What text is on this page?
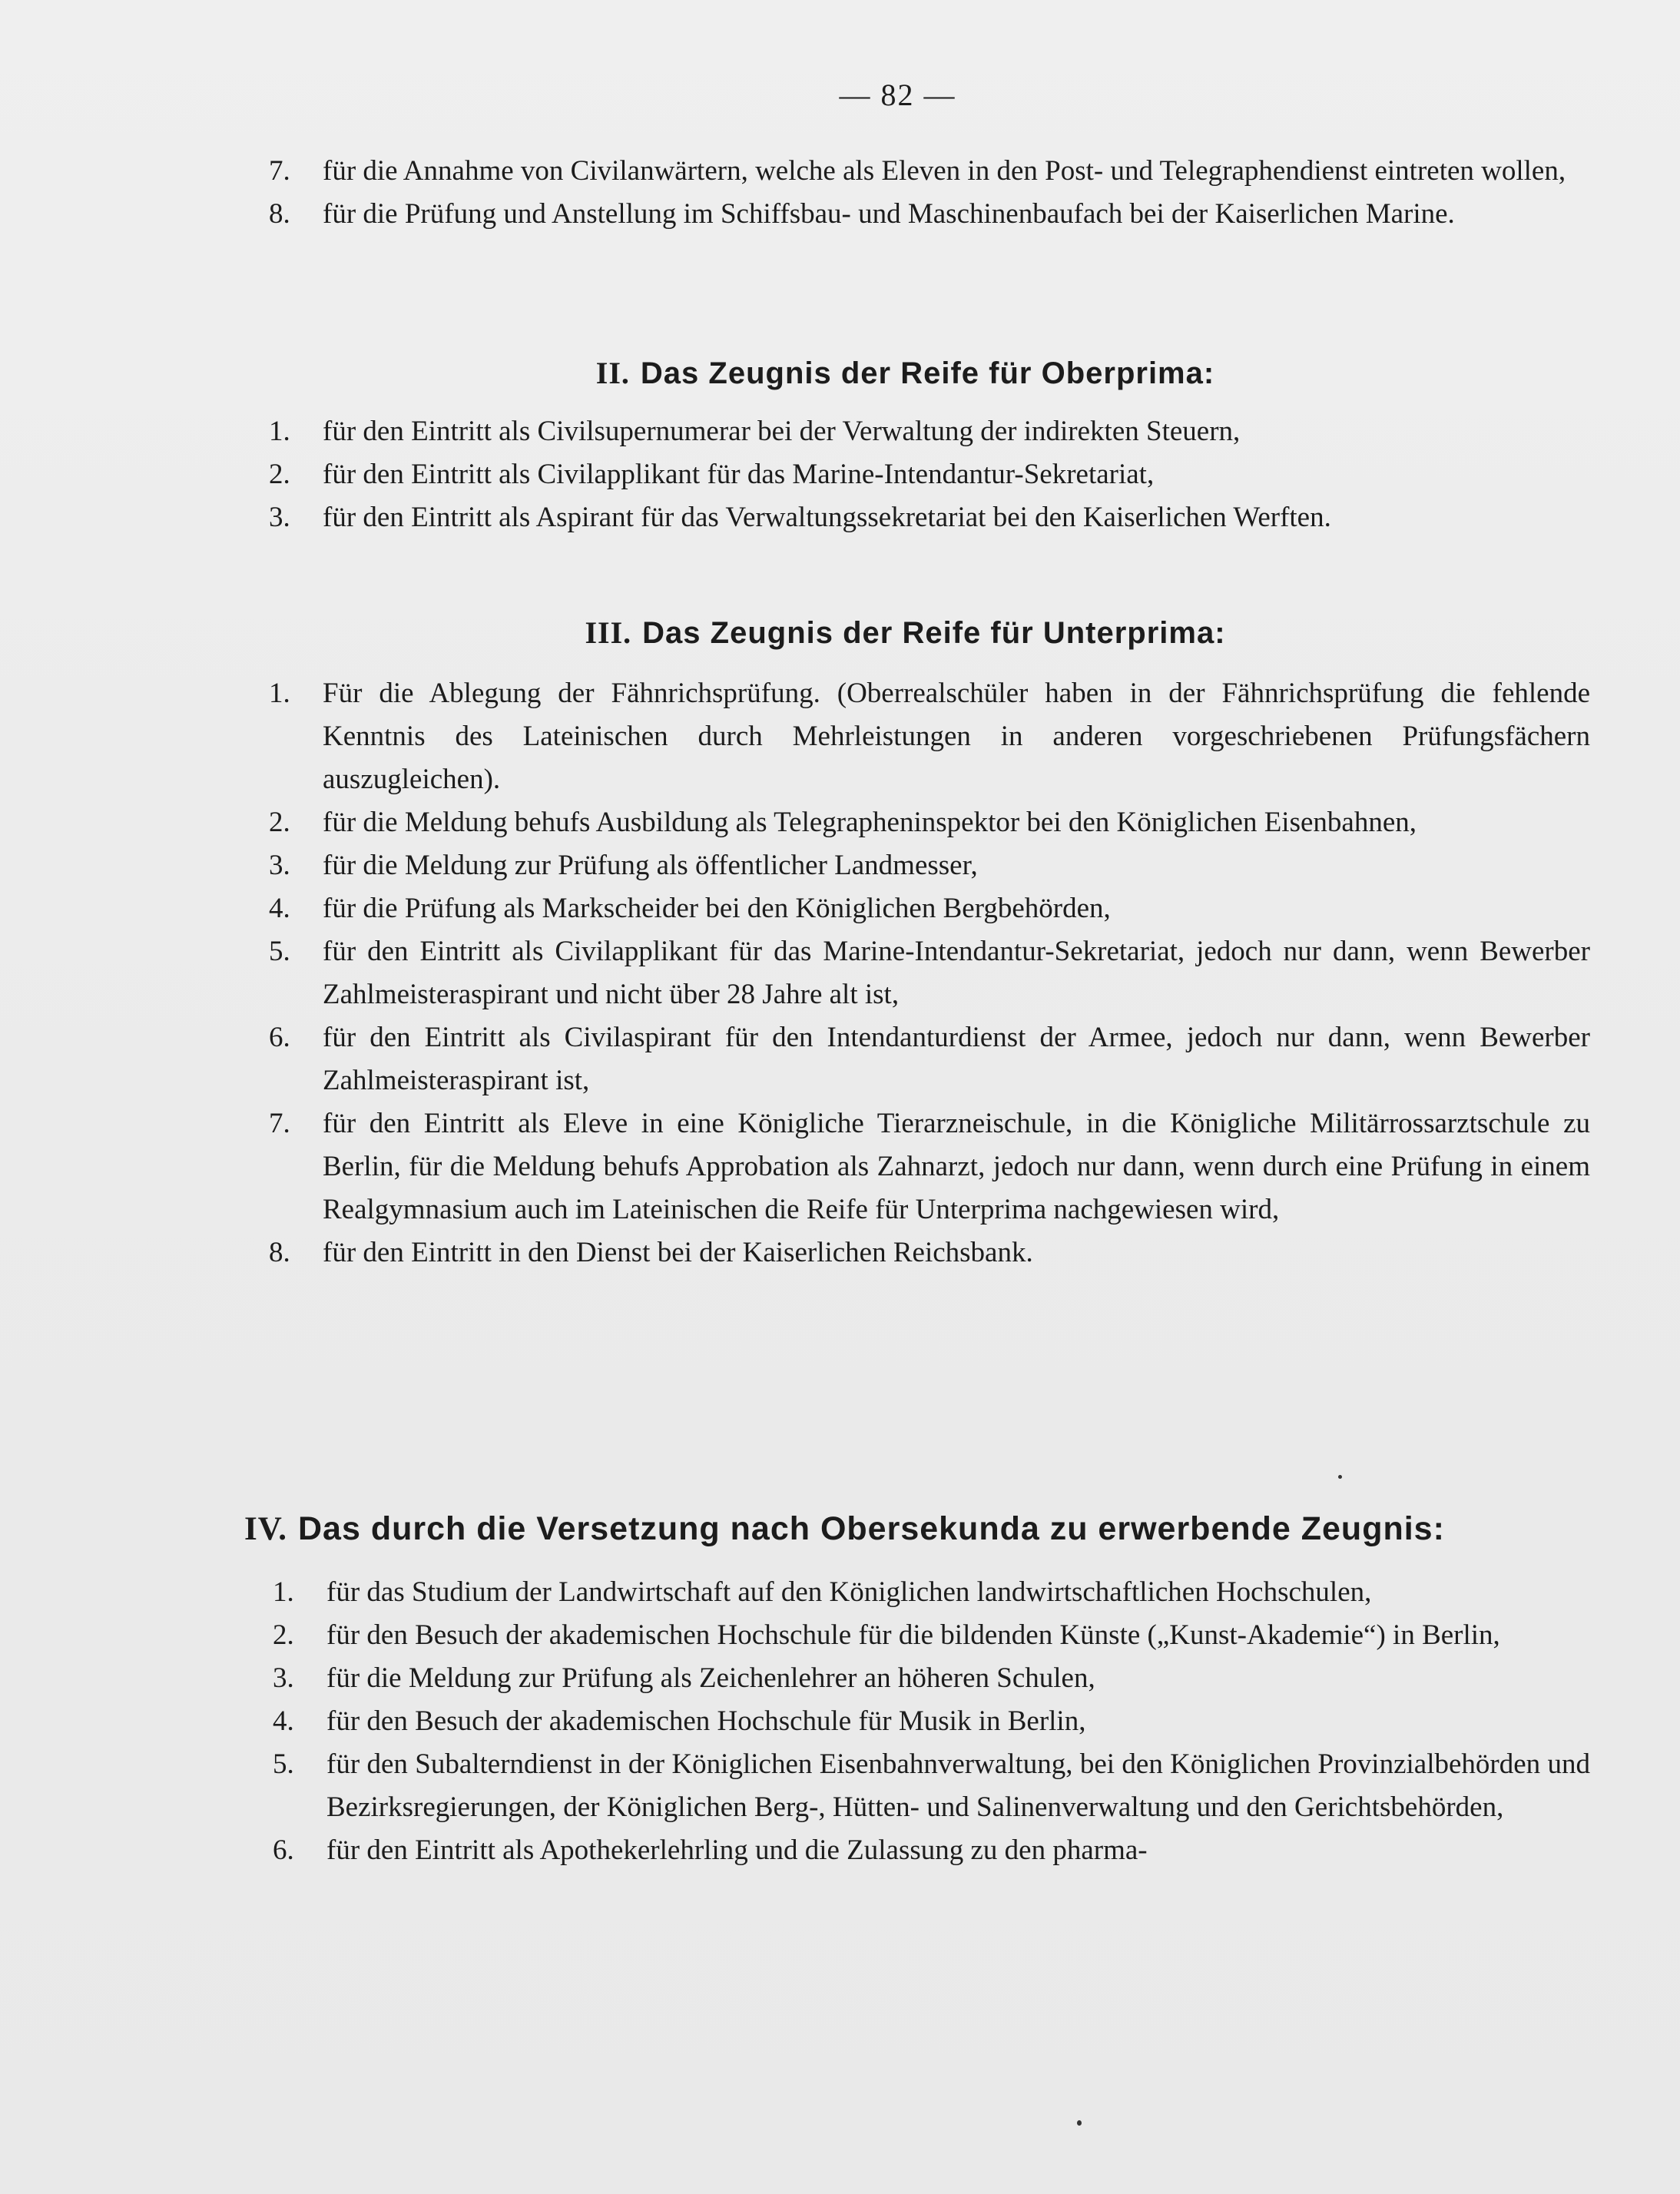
— 82 —
7.	für die Annahme von Civilanwärtern, welche als Eleven in den Post- und Telegraphendienst eintreten wollen,
8.	für die Prüfung und Anstellung im Schiffsbau- und Maschinenbaufach bei der Kaiserlichen Marine.
II. Das Zeugnis der Reife für Oberprima:
1.	für den Eintritt als Civilsupernumerar bei der Verwaltung der indirekten Steuern,
2.	für den Eintritt als Civilapplikant für das Marine-Intendantur-Sekretariat,
3.	für den Eintritt als Aspirant für das Verwaltungssekretariat bei den Kaiserlichen Werften.
III. Das Zeugnis der Reife für Unterprima:
1.	Für die Ablegung der Fähnrichsprüfung. (Oberrealschüler haben in der Fähnrichsprüfung die fehlende Kenntnis des Lateinischen durch Mehrleistungen in anderen vorgeschriebenen Prüfungsfächern auszugleichen).
2.	für die Meldung behufs Ausbildung als Telegrapheninspektor bei den Königlichen Eisenbahnen,
3.	für die Meldung zur Prüfung als öffentlicher Landmesser,
4.	für die Prüfung als Markscheider bei den Königlichen Bergbehörden,
5.	für den Eintritt als Civilapplikant für das Marine-Intendantur-Sekretariat, jedoch nur dann, wenn Bewerber Zahlmeisteraspirant und nicht über 28 Jahre alt ist,
6.	für den Eintritt als Civilaspirant für den Intendanturdienst der Armee, jedoch nur dann, wenn Bewerber Zahlmeisteraspirant ist,
7.	für den Eintritt als Eleve in eine Königliche Tierarzneischule, in die Königliche Militärrossarztschule zu Berlin, für die Meldung behufs Approbation als Zahnarzt, jedoch nur dann, wenn durch eine Prüfung in einem Realgymnasium auch im Lateinischen die Reife für Unterprima nachgewiesen wird,
8.	für den Eintritt in den Dienst bei der Kaiserlichen Reichsbank.
IV. Das durch die Versetzung nach Obersekunda zu erwerbende Zeugnis:
1.	für das Studium der Landwirtschaft auf den Königlichen landwirtschaftlichen Hochschulen,
2.	für den Besuch der akademischen Hochschule für die bildenden Künste („Kunst-Akademie“) in Berlin,
3.	für die Meldung zur Prüfung als Zeichenlehrer an höheren Schulen,
4.	für den Besuch der akademischen Hochschule für Musik in Berlin,
5.	für den Subalterndienst in der Königlichen Eisenbahnverwaltung, bei den Königlichen Provinzialbehörden und Bezirksregierungen, der Königlichen Berg-, Hütten- und Salinenverwaltung und den Gerichtsbehörden,
6.	für den Eintritt als Apothekerlehrling und die Zulassung zu den pharma-
